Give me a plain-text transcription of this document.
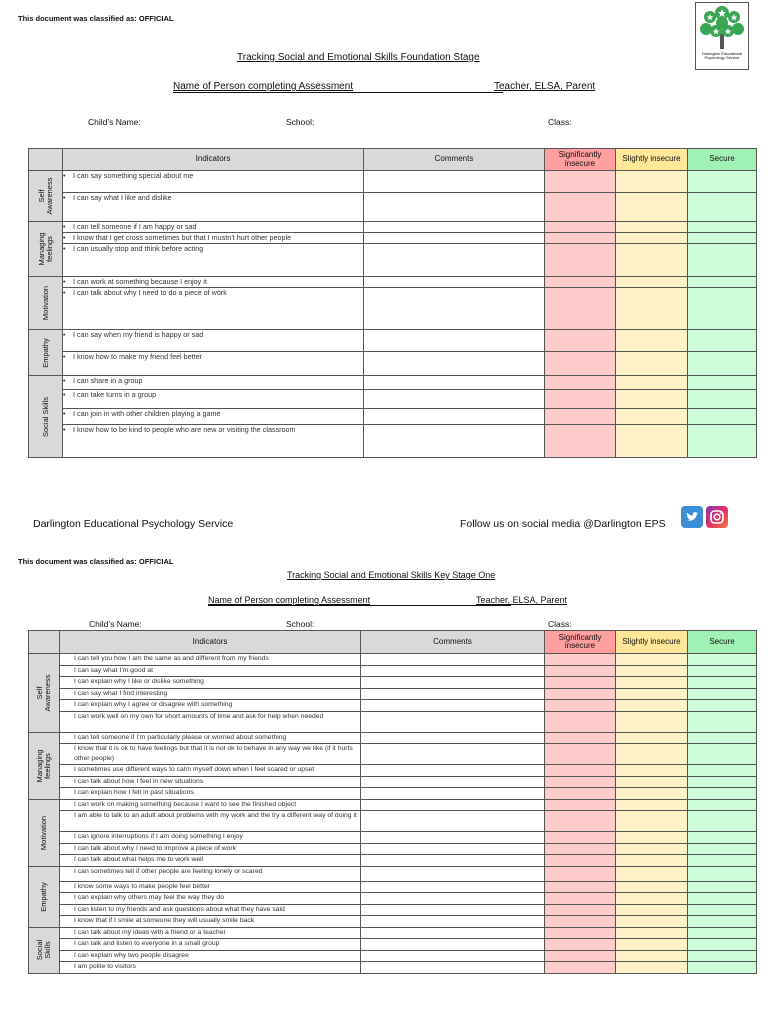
This document was classified as: OFFICIAL
Darlington Educational Psychology Service
Tracking Social and Emotional Skills Foundation Stage
Name of Person completing Assessment	Teacher, ELSA, Parent
Child’s Name:	School:	Class:
	Indicators	Comments	Significantly insecure	Slightly insecure	Secure

Self Awareness	• I can say something special about me				
	• I can say what I like and dislike				

Managing feelings	• I can tell someone if I am happy or sad				
	• I know that I get cross sometimes but that I mustn’t hurt other people				
	• I can usually stop and think before acting				

Motivation	• I can work at something because I enjoy it				
	• I can talk about why I need to do a piece of work				

Empathy	• I can say when my friend is happy or sad				
	• I know how to make my friend feel better				

Social Skills	• I can share in a group				
	• I can take turns in a group				
	• I can join in with other children playing a game				
	• I know how to be kind to people who are new or visiting the classroom				
Darlington Educational Psychology Service	Follow us on social media @Darlington EPS
This document was classified as: OFFICIAL
Tracking Social and Emotional Skills Key Stage One
Name of Person completing Assessment	Teacher, ELSA, Parent
Child’s Name:	School:	Class:
	Indicators	Comments	Significantly insecure	Slightly insecure	Secure

Self Awareness	I can tell you how I am the same as and different from my friends				
	I can say what I’m good at				
	I can explain why I like or dislike something				
	I can say what I find interesting				
	I can explain why I agree or disagree with something				
	I can work well on my own for short amounts of time and ask for help when needed				

Managing feelings	I can tell someone if I’m particularly please or worried about something				
	I know that it is ok to have feelings but that it is not ok to behave in any way we like (if it hurts other people)				
	I sometimes use different ways to calm myself down when I feel scared or upset				
	I can talk about how I feel in new situations				
	I can explain how I felt in past situations				

Motivation	I can work on making something because I want to see the finished object				
	I am able to talk to an adult about problems with my work and the try a different way of doing it				
	I can ignore interruptions if I am doing something I enjoy				
	I can talk about why I need to improve a piece of work				
	I can talk about what helps me to work well				

Empathy	I can sometimes tell if other people are feeling lonely or scared				
	I know some ways to make people feel better				
	I can explain why others may feel the way they do				
	I can listen to my friends and ask questions about what they have said				
	I know that if I smile at someone they will usually smile back				

Social Skills	I can talk about my ideas with a friend or a teacher				
	I can talk and listen to everyone in a small group				
	I can explain why two people disagree				
	I am polite to visitors				
